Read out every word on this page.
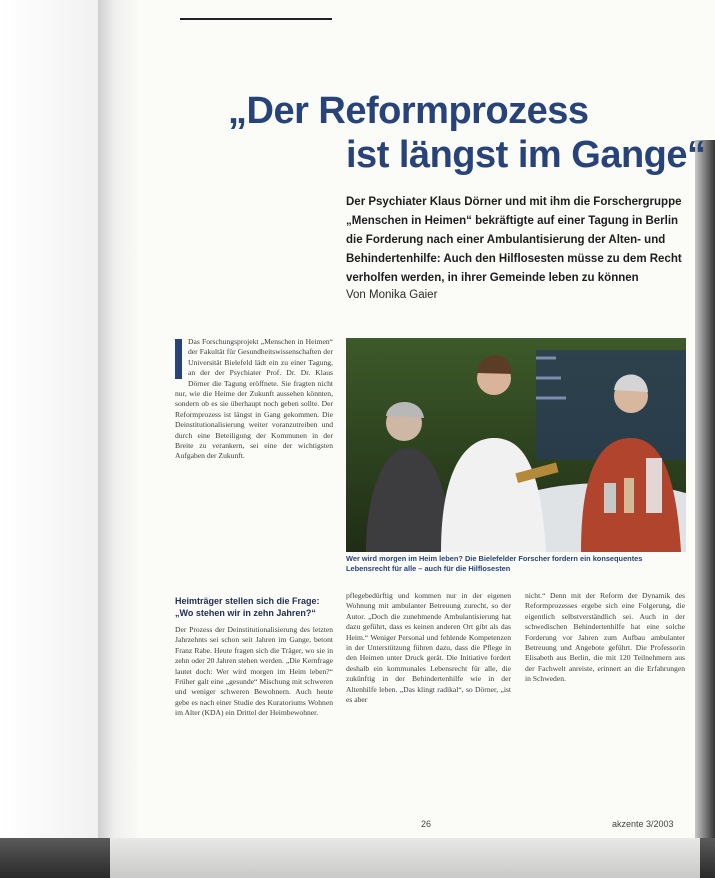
„Der Reformprozess
ist längst im Gange“
Der Psychiater Klaus Dörner und mit ihm die Forschergruppe „Menschen in Heimen“ bekräftigte auf einer Tagung in Berlin die Forderung nach einer Ambulantisierung der Alten- und Behindertenhilfe: Auch den Hilflosesten müsse zu dem Recht verholfen werden, in ihrer Gemeinde leben zu können
Von Monika Gaier
Das Forschungsprojekt „Menschen in Heimen“ der Fakultät für Gesundheitswissenschaften der Universität Bielefeld lädt ein zu einer Tagung, an der der Psychiater Prof. Dr. Dr. Klaus Dörner die Tagung eröffnete. Sie fragten nicht nur, wie die Heime der Zukunft aussehen könnten, sondern ob es sie überhaupt noch geben sollte. Der Reformprozess ist längst in Gang gekommen. Die Deinstitutionalisierung weiter voranzutreiben und durch eine Beteiligung der Kommunen in der Breite zu verankern, sei eine der wichtigsten Aufgaben der Zukunft.
Wer wird morgen im Heim leben? Die Bielefelder Forscher fordern ein konsequentes Lebensrecht für alle – auch für die Hilflosesten
Heimträger stellen sich die Frage: „Wo stehen wir in zehn Jahren?“
Der Prozess der Deinstitutionalisierung des letzten Jahrzehnts sei schon seit Jahren im Gange, betont Franz Rabe. Heute fragen sich die Träger, wo sie in zehn oder 20 Jahren stehen werden. „Die Kernfrage lautet doch: Wer wird morgen im Heim leben?“ Früher galt eine „gesunde“ Mischung mit schweren und weniger schweren Bewohnern. Auch heute gebe es nach einer Studie des Kuratoriums Wohnen im Alter (KDA) ein Drittel der Heimbewohner.
pflegebedürftig und kommen nur in der eigenen Wohnung mit ambulanter Betreuung zurecht, so der Autor. „Doch die zunehmende Ambulantisierung hat dazu geführt, dass es keinen anderen Ort gibt als das Heim.“ Weniger Personal und fehlende Kompetenzen in der Unterstützung führen dazu, dass die Pflege in den Heimen unter Druck gerät. Die Initiative fordert deshalb ein kommunales Lebensrecht für alle, die zukünftig in der Behindertenhilfe wie in der Altenhilfe leben. „Das klingt radikal“, so Dörner, „ist es aber
nicht.“ Denn mit der Reform der Dynamik des Reformprozesses ergebe sich eine Folgerung, die eigentlich selbstverständlich sei. Auch in der schwedischen Behindertenhilfe hat eine solche Forderung vor Jahren zum Aufbau ambulanter Betreuung und Angebote geführt. Die Professorin Elisabeth aus Berlin, die mit 120 Teilnehmern aus der Fachwelt anreiste, erinnert an die Erfahrungen in Schweden.
26	akzente 3/2003
